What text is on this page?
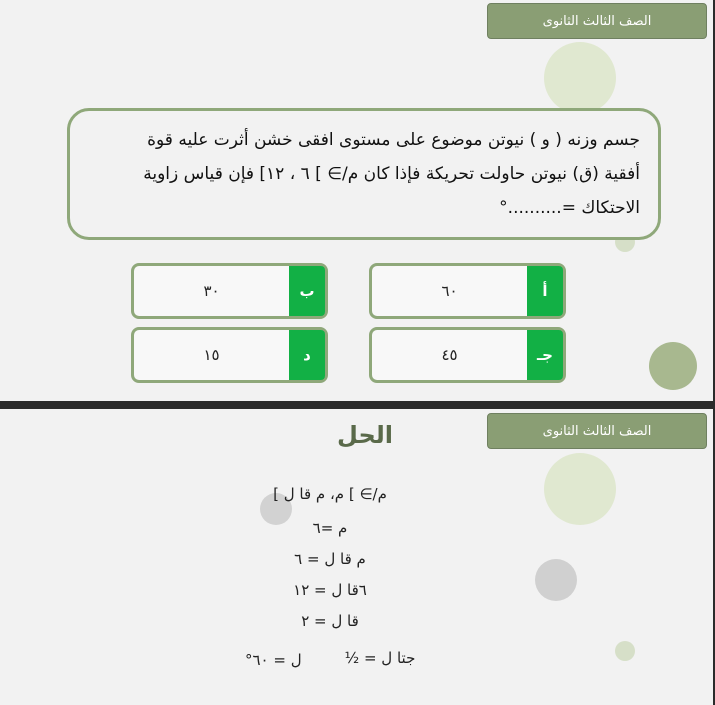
الصف الثالث الثانوى
جسم وزنه ( و ) نيوتن موضوع على مستوى افقى خشن أثرت عليه قوة
أفقية (ق) نيوتن حاولت تحريكة فإذا كان م/∋ ] ٦ ، ١٢] فإن قياس زاوية
الاحتكاك =..........°
أ
٦٠
ب
٣٠
جـ
٤٥
د
١٥
الصف الثالث الثانوى
الحل
م/∋ ] م، م قا ل ]
م =٦
م قا ل = ٦
٦قا ل = ١٢
قا ل = ٢
جتا ل = ½
ل = ٦٠°
